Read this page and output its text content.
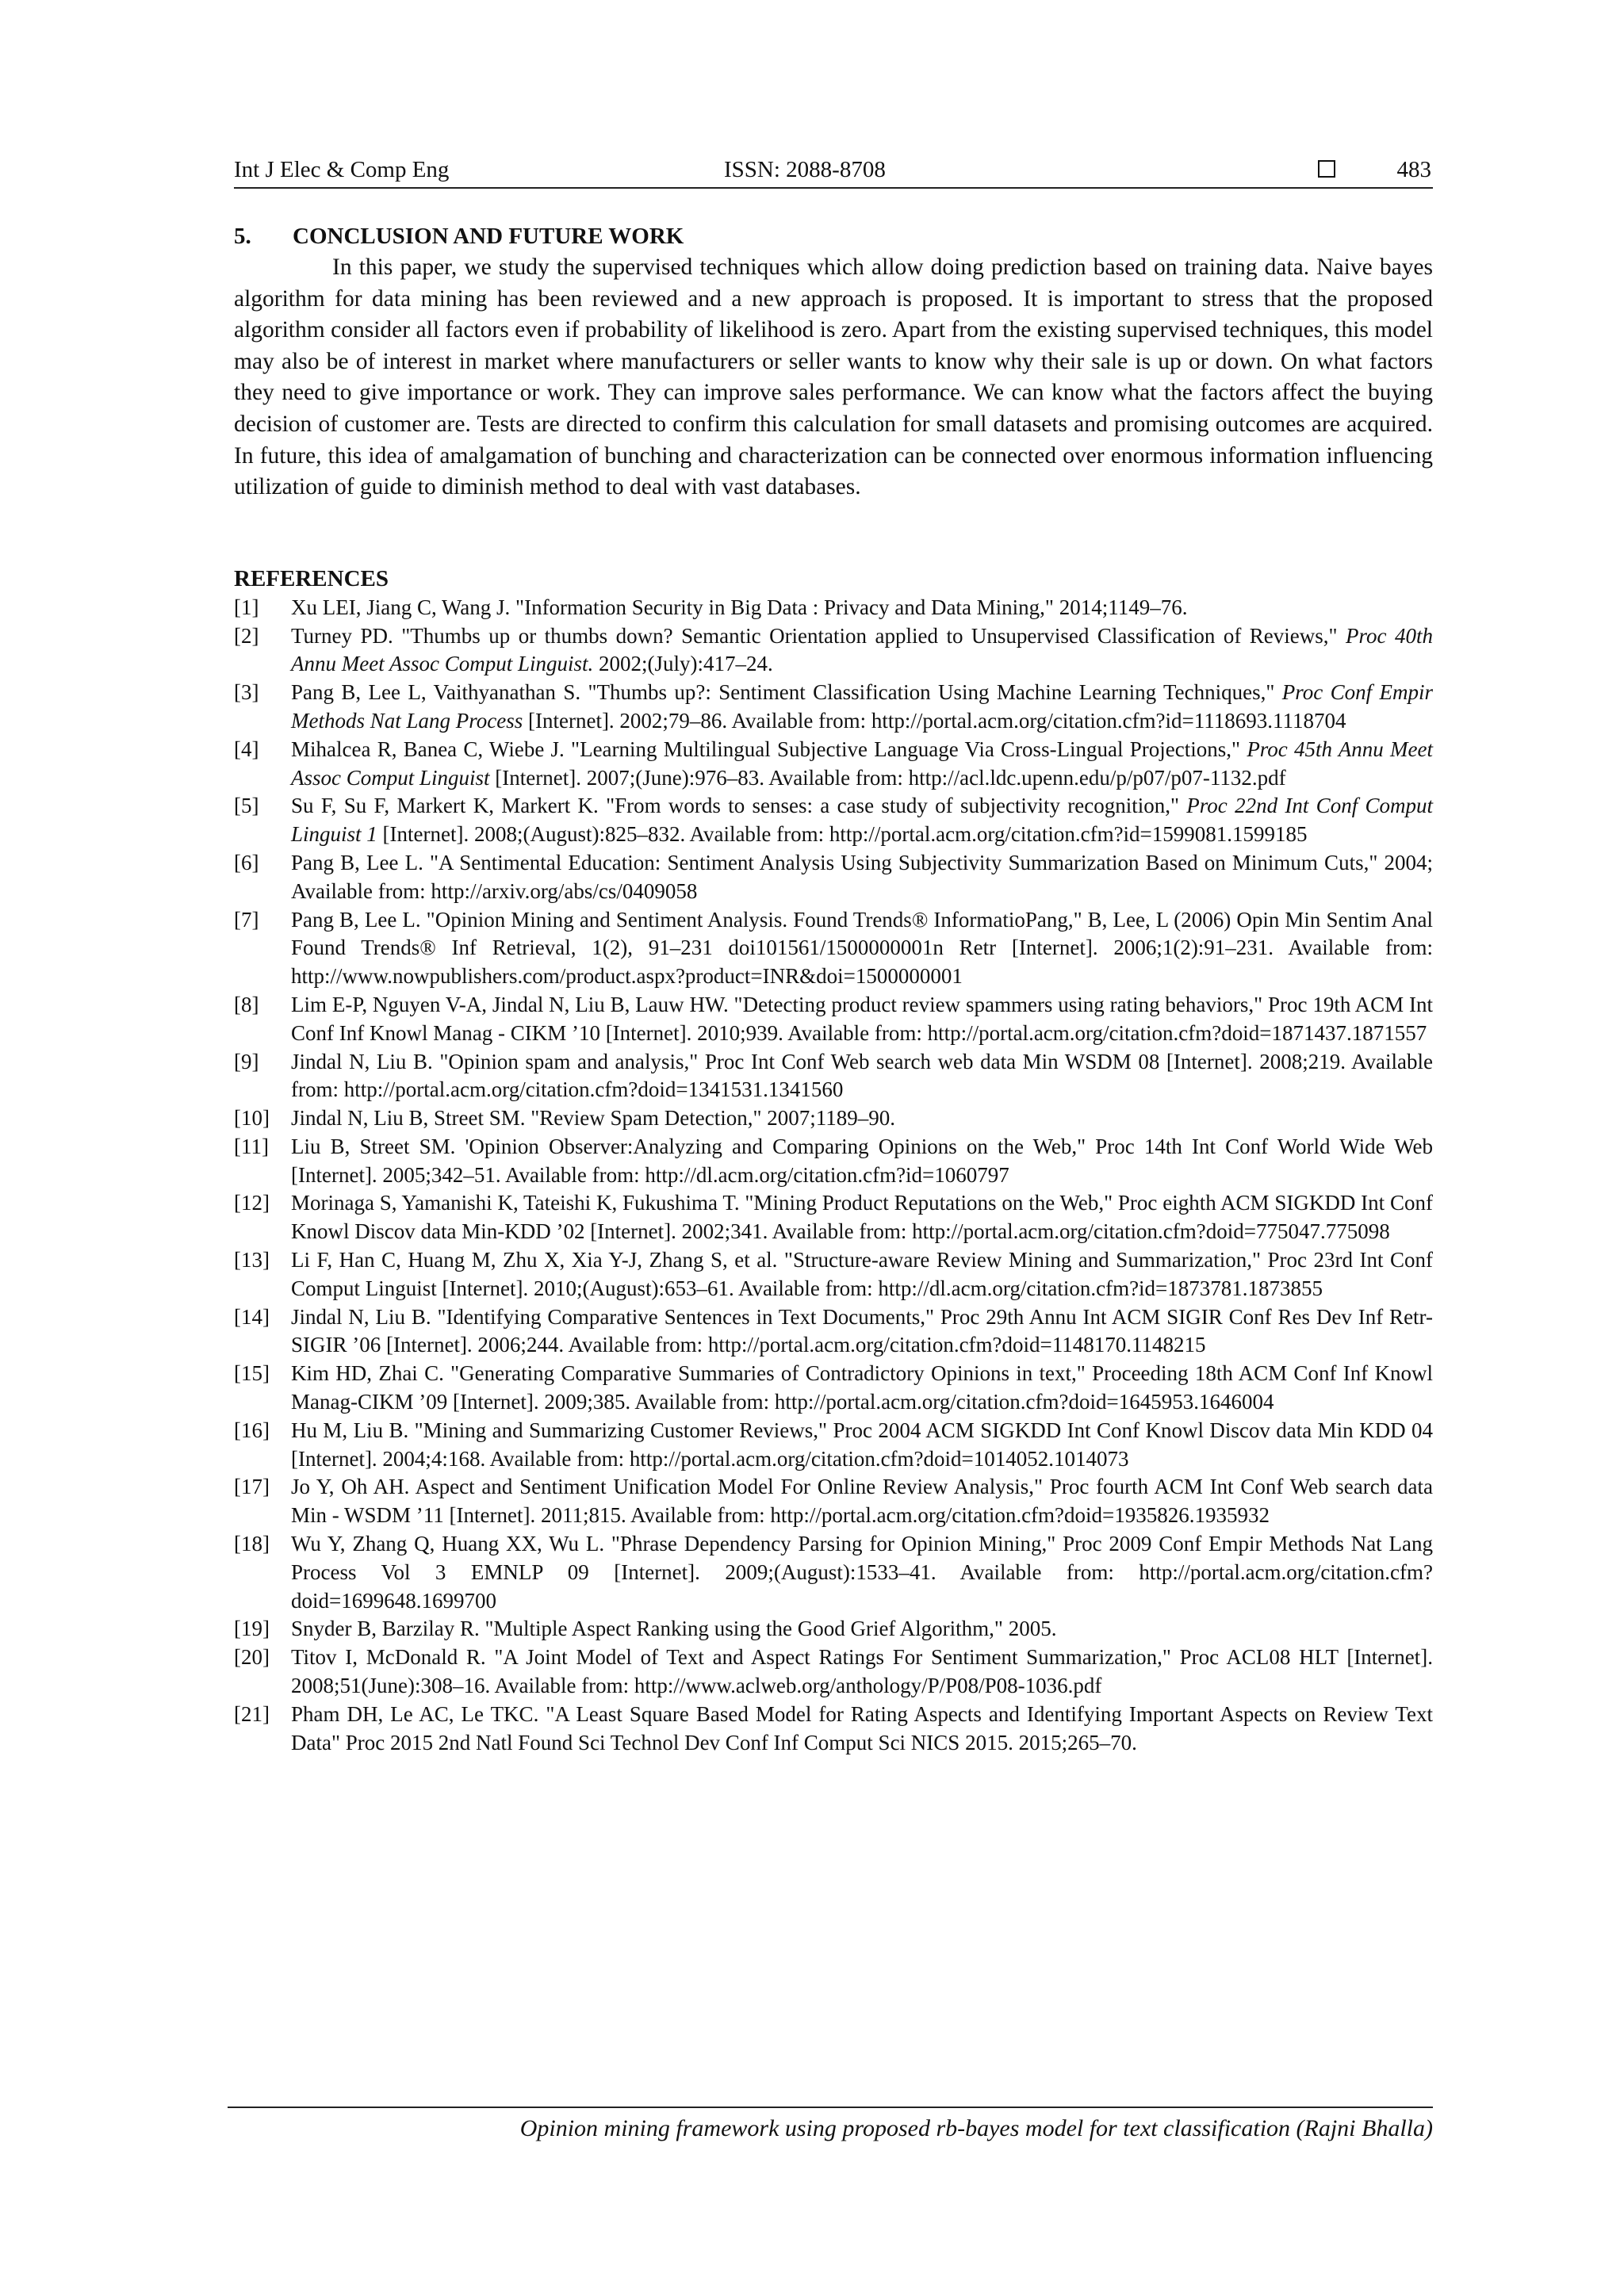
Int J Elec & Comp Eng	ISSN: 2088-8708	483
5.	CONCLUSION AND FUTURE WORK

In this paper, we study the supervised techniques which allow doing prediction based on training data. Naive bayes algorithm for data mining has been reviewed and a new approach is proposed. It is important to stress that the proposed algorithm consider all factors even if probability of likelihood is zero. Apart from the existing supervised techniques, this model may also be of interest in market where manufacturers or seller wants to know why their sale is up or down. On what factors they need to give importance or work. They can improve sales performance. We can know what the factors affect the buying decision of customer are. Tests are directed to confirm this calculation for small datasets and promising outcomes are acquired. In future, this idea of amalgamation of bunching and characterization can be connected over enormous information influencing utilization of guide to diminish method to deal with vast databases.

REFERENCES
[1]	Xu LEI, Jiang C, Wang J. "Information Security in Big Data : Privacy and Data Mining," 2014;1149–76.
[2]	Turney PD. "Thumbs up or thumbs down? Semantic Orientation applied to Unsupervised Classification of Reviews," Proc 40th Annu Meet Assoc Comput Linguist. 2002;(July):417–24.
[3]	Pang B, Lee L, Vaithyanathan S. "Thumbs up?: Sentiment Classification Using Machine Learning Techniques," Proc Conf Empir Methods Nat Lang Process [Internet]. 2002;79–86. Available from: http://portal.acm.org/citation.cfm?id=1118693.1118704
[4]	Mihalcea R, Banea C, Wiebe J. "Learning Multilingual Subjective Language Via Cross-Lingual Projections," Proc 45th Annu Meet Assoc Comput Linguist [Internet]. 2007;(June):976–83. Available from: http://acl.ldc.upenn.edu/p/p07/p07-1132.pdf
[5]	Su F, Su F, Markert K, Markert K. "From words to senses: a case study of subjectivity recognition," Proc 22nd Int Conf Comput Linguist 1 [Internet]. 2008;(August):825–832. Available from: http://portal.acm.org/citation.cfm?id=1599081.1599185
[6]	Pang B, Lee L. "A Sentimental Education: Sentiment Analysis Using Subjectivity Summarization Based on Minimum Cuts," 2004; Available from: http://arxiv.org/abs/cs/0409058
[7]	Pang B, Lee L. "Opinion Mining and Sentiment Analysis. Found Trends® InformatioPang," B, Lee, L (2006) Opin Min Sentim Anal Found Trends® Inf Retrieval, 1(2), 91–231 doi101561/1500000001n Retr [Internet]. 2006;1(2):91–231. Available from: http://www.nowpublishers.com/product.aspx?product=INR&doi=1500000001
[8]	Lim E-P, Nguyen V-A, Jindal N, Liu B, Lauw HW. "Detecting product review spammers using rating behaviors," Proc 19th ACM Int Conf Inf Knowl Manag - CIKM ’10 [Internet]. 2010;939. Available from: http://portal.acm.org/citation.cfm?doid=1871437.1871557
[9]	Jindal N, Liu B. "Opinion spam and analysis," Proc Int Conf Web search web data Min WSDM 08 [Internet]. 2008;219. Available from: http://portal.acm.org/citation.cfm?doid=1341531.1341560
[10]	Jindal N, Liu B, Street SM. "Review Spam Detection," 2007;1189–90.
[11]	Liu B, Street SM. 'Opinion Observer:Analyzing and Comparing Opinions on the Web," Proc 14th Int Conf World Wide Web [Internet]. 2005;342–51. Available from: http://dl.acm.org/citation.cfm?id=1060797
[12]	Morinaga S, Yamanishi K, Tateishi K, Fukushima T. "Mining Product Reputations on the Web," Proc eighth ACM SIGKDD Int Conf Knowl Discov data Min-KDD ’02 [Internet]. 2002;341. Available from: http://portal.acm.org/citation.cfm?doid=775047.775098
[13]	Li F, Han C, Huang M, Zhu X, Xia Y-J, Zhang S, et al. "Structure-aware Review Mining and Summarization," Proc 23rd Int Conf Comput Linguist [Internet]. 2010;(August):653–61. Available from: http://dl.acm.org/citation.cfm?id=1873781.1873855
[14]	Jindal N, Liu B. "Identifying Comparative Sentences in Text Documents," Proc 29th Annu Int ACM SIGIR Conf Res Dev Inf Retr-SIGIR ’06 [Internet]. 2006;244. Available from: http://portal.acm.org/citation.cfm?doid=1148170.1148215
[15]	Kim HD, Zhai C. "Generating Comparative Summaries of Contradictory Opinions in text," Proceeding 18th ACM Conf Inf Knowl Manag-CIKM ’09 [Internet]. 2009;385. Available from: http://portal.acm.org/citation.cfm?doid=1645953.1646004
[16]	Hu M, Liu B. "Mining and Summarizing Customer Reviews," Proc 2004 ACM SIGKDD Int Conf Knowl Discov data Min KDD 04 [Internet]. 2004;4:168. Available from: http://portal.acm.org/citation.cfm?doid=1014052.1014073
[17]	Jo Y, Oh AH. Aspect and Sentiment Unification Model For Online Review Analysis," Proc fourth ACM Int Conf Web search data Min - WSDM ’11 [Internet]. 2011;815. Available from: http://portal.acm.org/citation.cfm?doid=1935826.1935932
[18]	Wu Y, Zhang Q, Huang XX, Wu L. "Phrase Dependency Parsing for Opinion Mining," Proc 2009 Conf Empir Methods Nat Lang Process Vol 3 EMNLP 09 [Internet]. 2009;(August):1533–41. Available from: http://portal.acm.org/citation.cfm?doid=1699648.1699700
[19]	Snyder B, Barzilay R. "Multiple Aspect Ranking using the Good Grief Algorithm," 2005.
[20]	Titov I, McDonald R. "A Joint Model of Text and Aspect Ratings For Sentiment Summarization," Proc ACL08 HLT [Internet]. 2008;51(June):308–16. Available from: http://www.aclweb.org/anthology/P/P08/P08-1036.pdf
[21]	Pham DH, Le AC, Le TKC. "A Least Square Based Model for Rating Aspects and Identifying Important Aspects on Review Text Data" Proc 2015 2nd Natl Found Sci Technol Dev Conf Inf Comput Sci NICS 2015. 2015;265–70.
Opinion mining framework using proposed rb-bayes model for text classification (Rajni Bhalla)
